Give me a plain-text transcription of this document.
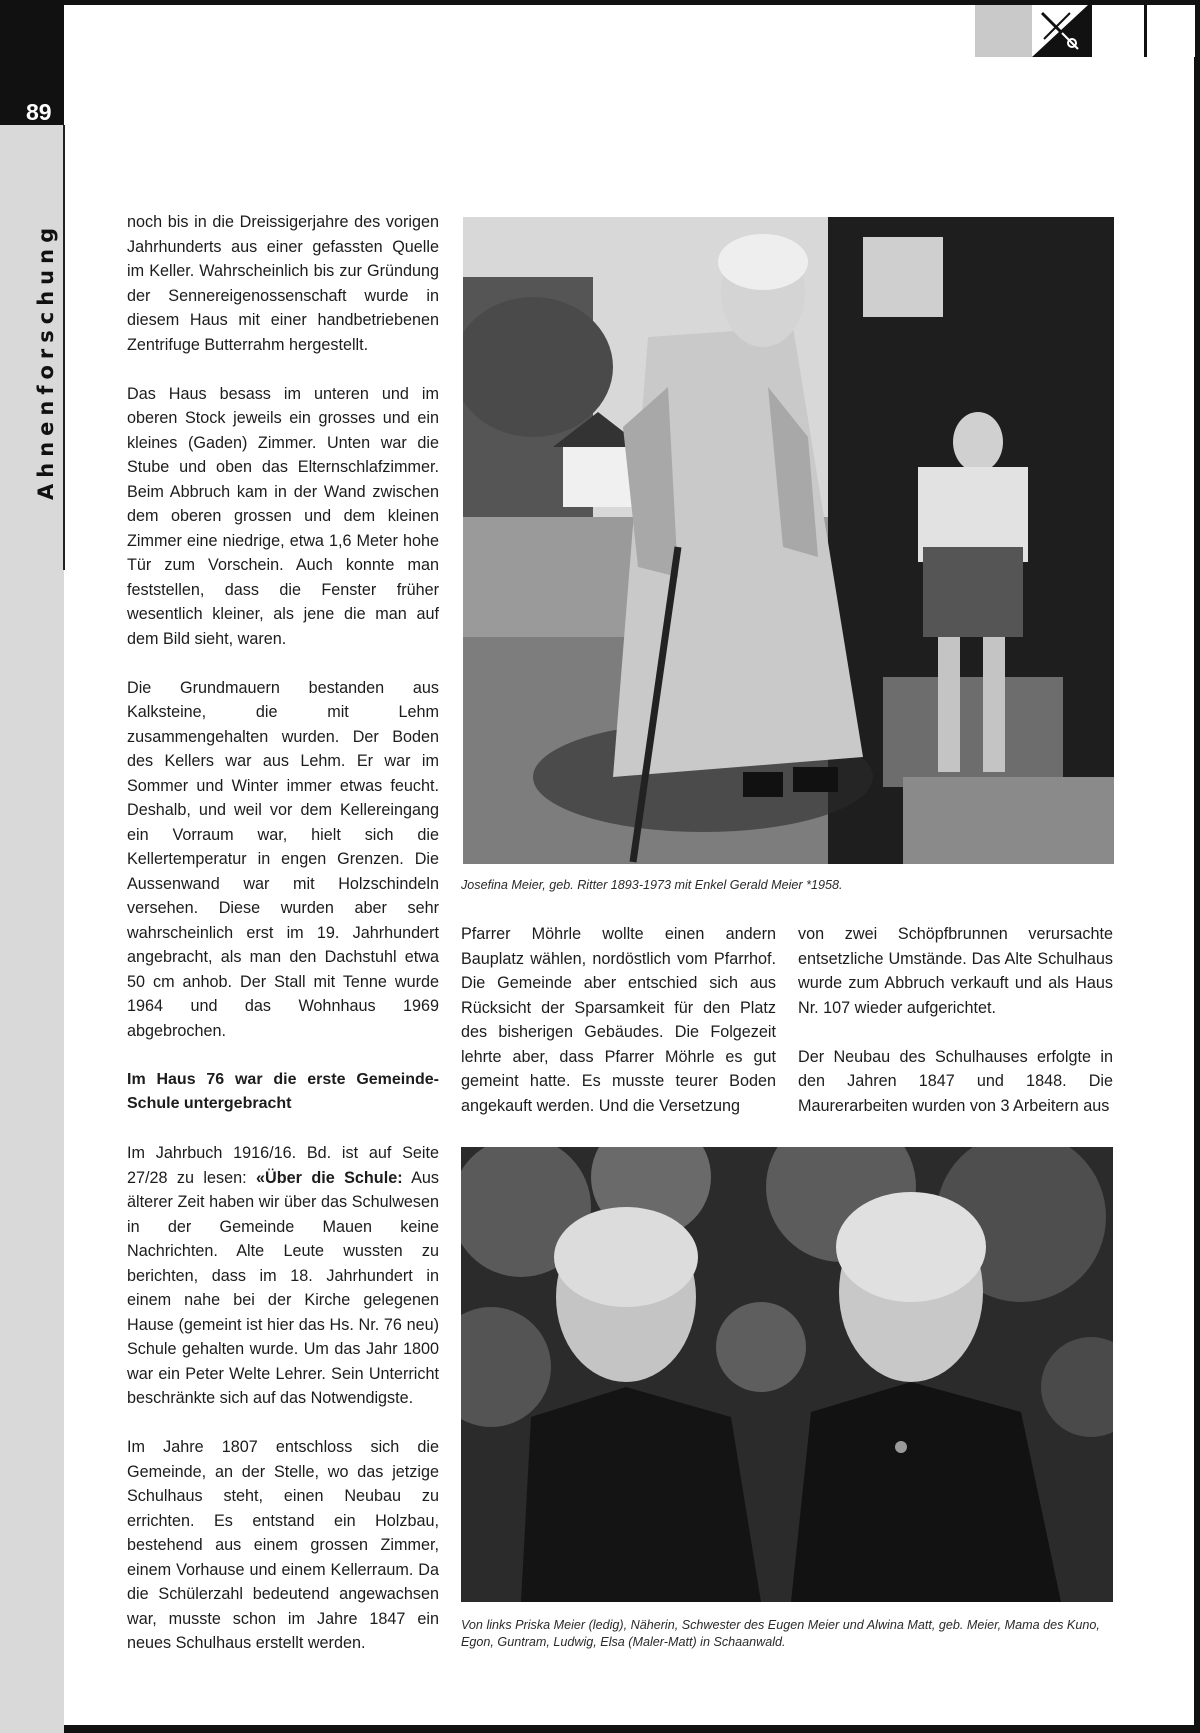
89
Ahnenforschung	noch bis in die Dreissigerjahre des vorigen Jahrhunderts aus einer gefassten Quelle im Keller. Wahrscheinlich bis zur Gründung der Sennereigenossenschaft wurde in diesem Haus mit einer handbetriebenen Zentrifuge Butterrahm hergestellt.

Das Haus besass im unteren und im oberen Stock jeweils ein grosses und ein kleines (Gaden) Zimmer. Unten war die Stube und oben das Elternschlafzimmer. Beim Abbruch kam in der Wand zwischen dem oberen grossen und dem kleinen Zimmer eine niedrige, etwa 1,6 Meter hohe Tür zum Vorschein. Auch konnte man feststellen, dass die Fenster früher wesentlich kleiner, als jene die man auf dem Bild sieht, waren.

Die Grundmauern bestanden aus Kalksteine, die mit Lehm zusammengehalten wurden. Der Boden des Kellers war aus Lehm. Er war im Sommer und Winter immer etwas feucht. Deshalb, und weil vor dem Kellereingang ein Vorraum war, hielt sich die Kellertemperatur in engen Grenzen. Die Aussenwand war mit Holzschindeln versehen. Diese wurden aber sehr wahrscheinlich erst im 19. Jahrhundert angebracht, als man den Dachstuhl etwa 50 cm anhob. Der Stall mit Tenne wurde 1964 und das Wohnhaus 1969 abgebrochen.

Im Haus 76 war die erste Gemeinde-Schule untergebracht

Im Jahrbuch 1916/16. Bd. ist auf Seite 27/28 zu lesen: «Über die Schule: Aus älterer Zeit haben wir über das Schulwesen in der Gemeinde Mauen keine Nachrichten. Alte Leute wussten zu berichten, dass im 18. Jahrhundert in einem nahe bei der Kirche gelegenen Hause (gemeint ist hier das Hs. Nr. 76 neu) Schule gehalten wurde. Um das Jahr 1800 war ein Peter Welte Lehrer. Sein Unterricht beschränkte sich auf das Notwendigste.

Im Jahre 1807 entschloss sich die Gemeinde, an der Stelle, wo das jetzige Schulhaus steht, einen Neubau zu errichten. Es entstand ein Holzbau, bestehend aus einem grossen Zimmer, einem Vorhause und einem Kellerraum. Da die Schülerzahl bedeutend angewachsen war, musste schon im Jahre 1847 ein neues Schulhaus erstellt werden.

Josefina Meier, geb. Ritter 1893-1973 mit Enkel Gerald Meier *1958.

Pfarrer Möhrle wollte einen andern Bauplatz wählen, nordöstlich vom Pfarrhof. Die Gemeinde aber entschied sich aus Rücksicht der Sparsamkeit für den Platz des bisherigen Gebäudes. Die Folgezeit lehrte aber, dass Pfarrer Möhrle es gut gemeint hatte. Es musste teurer Boden angekauft werden. Und die Versetzung

von zwei Schöpfbrunnen verursachte entsetzliche Umstände. Das Alte Schulhaus wurde zum Abbruch verkauft und als Haus Nr. 107 wieder aufgerichtet.

Der Neubau des Schulhauses erfolgte in den Jahren 1847 und 1848. Die Maurerarbeiten wurden von 3 Arbeitern aus

Von links Priska Meier (ledig), Näherin, Schwester des Eugen Meier und Alwina Matt, geb. Meier, Mama des Kuno, Egon, Guntram, Ludwig, Elsa (Maler-Matt) in Schaanwald.
